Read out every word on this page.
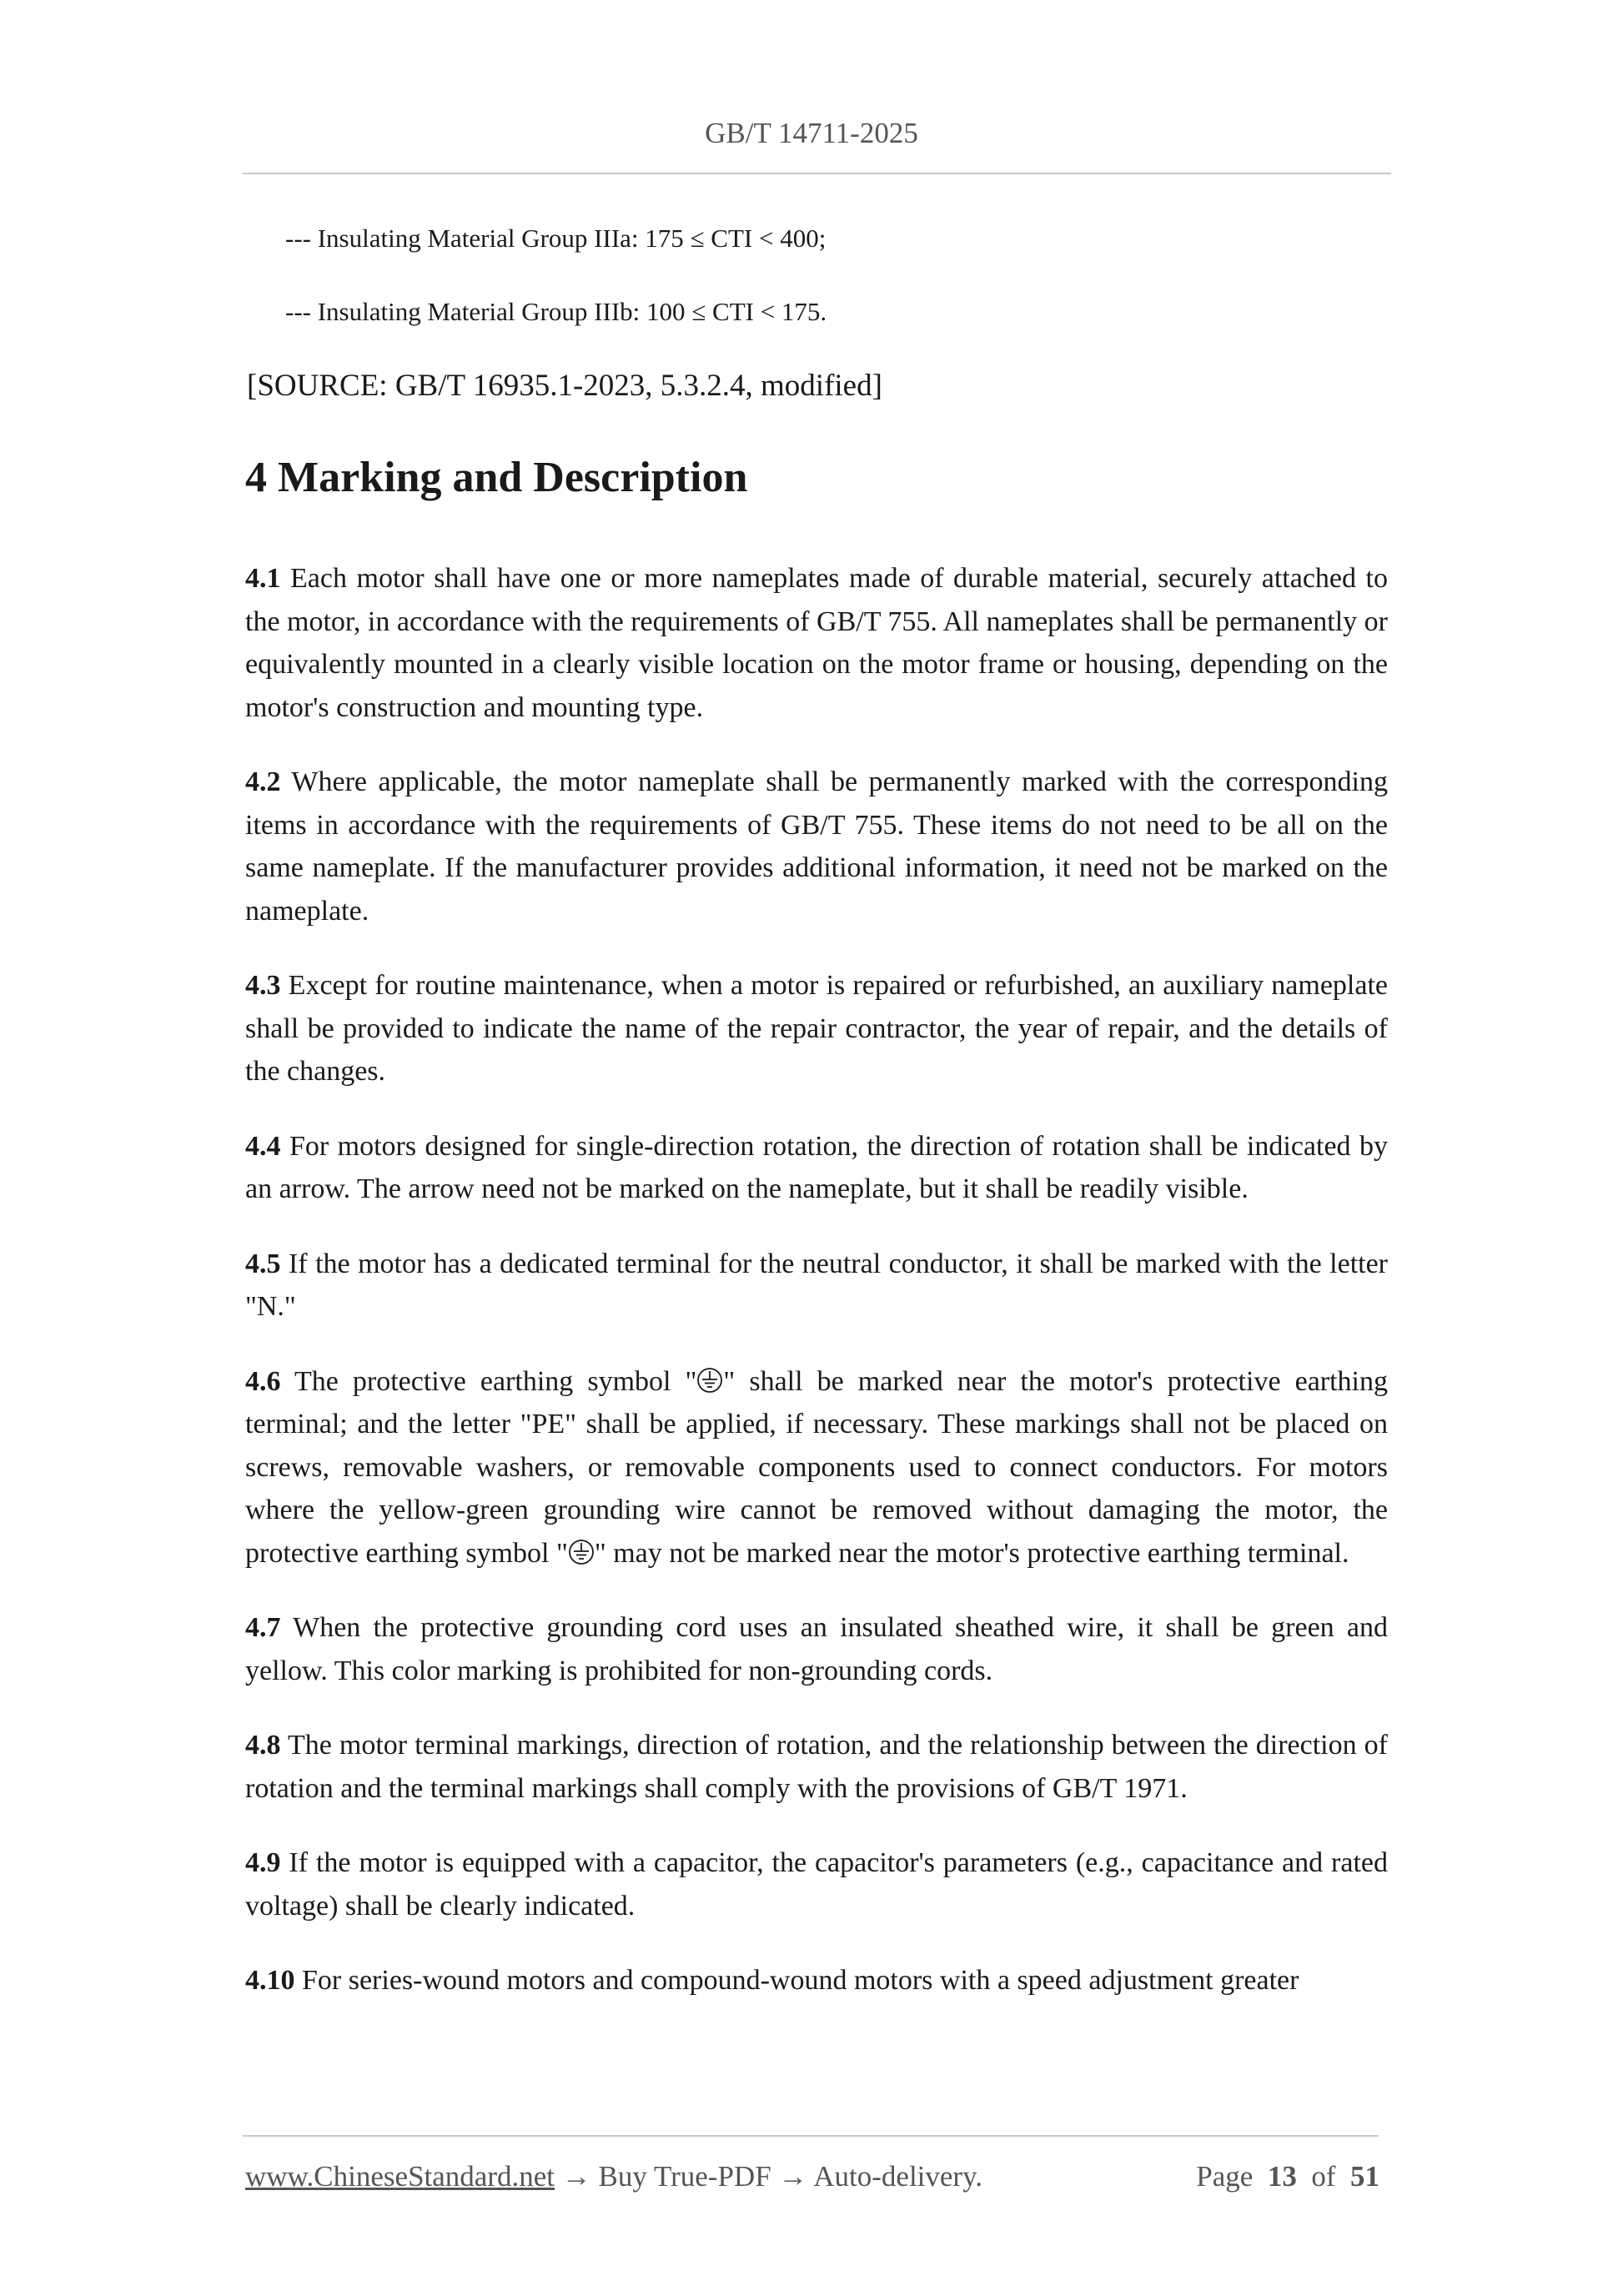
GB/T 14711-2025
--- Insulating Material Group IIIa: 175 ≤ CTI < 400;
--- Insulating Material Group IIIb: 100 ≤ CTI < 175.
[SOURCE: GB/T 16935.1-2023, 5.3.2.4, modified]
4 Marking and Description

4.1 Each motor shall have one or more nameplates made of durable material, securely attached to the motor, in accordance with the requirements of GB/T 755. All nameplates shall be permanently or equivalently mounted in a clearly visible location on the motor frame or housing, depending on the motor's construction and mounting type.

4.2 Where applicable, the motor nameplate shall be permanently marked with the corresponding items in accordance with the requirements of GB/T 755. These items do not need to be all on the same nameplate. If the manufacturer provides additional information, it need not be marked on the nameplate.

4.3 Except for routine maintenance, when a motor is repaired or refurbished, an auxiliary nameplate shall be provided to indicate the name of the repair contractor, the year of repair, and the details of the changes.

4.4 For motors designed for single-direction rotation, the direction of rotation shall be indicated by an arrow. The arrow need not be marked on the nameplate, but it shall be readily visible.

4.5 If the motor has a dedicated terminal for the neutral conductor, it shall be marked with the letter "N."

4.6 The protective earthing symbol " " shall be marked near the motor's protective earthing terminal; and the letter "PE" shall be applied, if necessary. These markings shall not be placed on screws, removable washers, or removable components used to connect conductors. For motors where the yellow-green grounding wire cannot be removed without damaging the motor, the protective earthing symbol " " may not be marked near the motor's protective earthing terminal.

4.7 When the protective grounding cord uses an insulated sheathed wire, it shall be green and yellow. This color marking is prohibited for non-grounding cords.

4.8 The motor terminal markings, direction of rotation, and the relationship between the direction of rotation and the terminal markings shall comply with the provisions of GB/T 1971.

4.9 If the motor is equipped with a capacitor, the capacitor's parameters (e.g., capacitance and rated voltage) shall be clearly indicated.

4.10 For series-wound motors and compound-wound motors with a speed adjustment greater

www.ChineseStandard.net → Buy True-PDF → Auto-delivery.	Page 13 of 51
